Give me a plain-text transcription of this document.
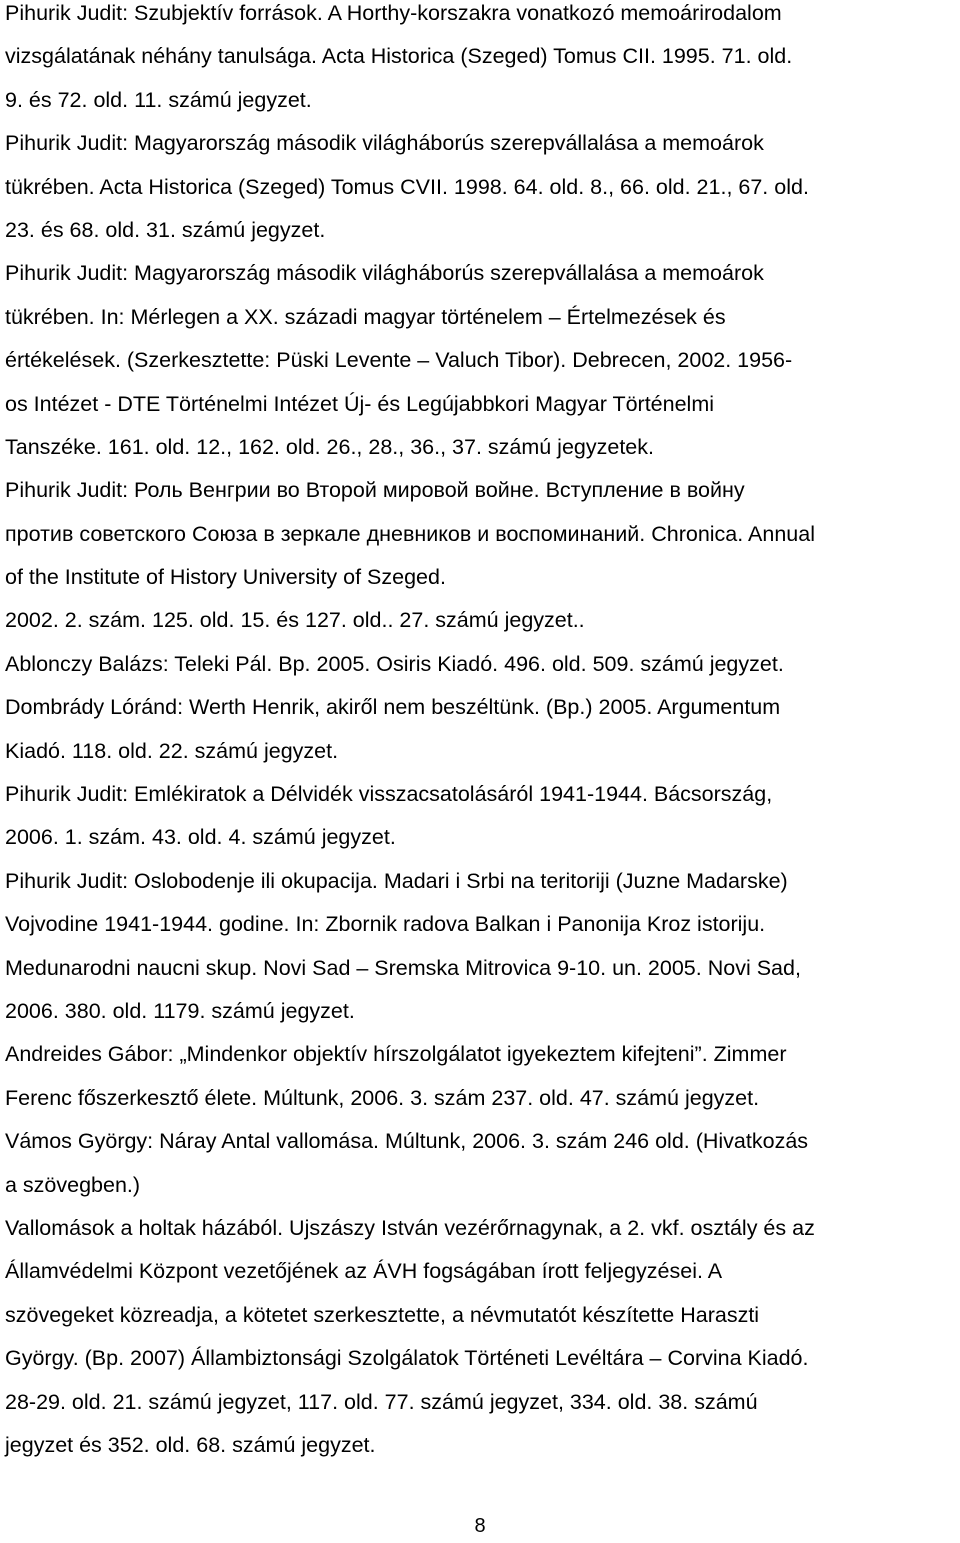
Pihurik Judit: Szubjektív források. A Horthy-korszakra vonatkozó memoárirodalom
vizsgálatának néhány tanulsága. Acta Historica (Szeged) Tomus CII. 1995. 71. old.
9. és 72. old. 11. számú jegyzet.
Pihurik Judit: Magyarország második világháborús szerepvállalása a memoárok
tükrében. Acta Historica (Szeged) Tomus CVII. 1998. 64. old. 8., 66. old. 21., 67. old.
23. és 68. old. 31. számú jegyzet.
Pihurik Judit: Magyarország második világháborús szerepvállalása a memoárok
tükrében. In: Mérlegen a XX. századi magyar történelem – Értelmezések és
értékelések. (Szerkesztette: Püski Levente – Valuch Tibor). Debrecen, 2002. 1956-
os Intézet - DTE Történelmi Intézet Új- és Legújabbkori Magyar Történelmi
Tanszéke. 161. old. 12., 162. old. 26., 28., 36., 37. számú jegyzetek.
Pihurik Judit: Роль Венгрии во Второй мировой войне. Вступление в войну
против советского Союза в зеркале дневников и воспоминаний. Chronica. Annual
of the Institute of History University of Szeged.
2002. 2. szám. 125. old. 15. és 127. old.. 27. számú jegyzet..
Ablonczy Balázs: Teleki Pál. Bp. 2005. Osiris Kiadó. 496. old. 509. számú jegyzet.
Dombrády Lóránd: Werth Henrik, akiről nem beszéltünk. (Bp.) 2005. Argumentum
Kiadó. 118. old. 22. számú jegyzet.
Pihurik Judit: Emlékiratok a Délvidék visszacsatolásáról 1941-1944. Bácsország,
2006. 1. szám. 43. old. 4. számú jegyzet.
Pihurik Judit: Oslobodenje ili okupacija. Madari i Srbi na teritoriji (Juzne Madarske)
Vojvodine 1941-1944. godine. In: Zbornik radova Balkan i Panonija Kroz istoriju.
Medunarodni naucni skup. Novi Sad – Sremska Mitrovica 9-10. un. 2005. Novi Sad,
2006. 380. old. 1179. számú jegyzet.
Andreides Gábor: „Mindenkor objektív hírszolgálatot igyekeztem kifejteni”. Zimmer
Ferenc főszerkesztő élete. Múltunk, 2006. 3. szám 237. old. 47. számú jegyzet.
Vámos György: Náray Antal vallomása. Múltunk, 2006. 3. szám 246 old. (Hivatkozás
a szövegben.)
Vallomások a holtak házából. Ujszászy István vezérőrnagynak, a 2. vkf. osztály és az
Államvédelmi Központ vezetőjének az ÁVH fogságában írott feljegyzései. A
szövegeket közreadja, a kötetet szerkesztette, a névmutatót készítette Haraszti
György. (Bp. 2007) Állambiztonsági Szolgálatok Történeti Levéltára – Corvina Kiadó.
28-29. old. 21. számú jegyzet, 117. old. 77. számú jegyzet, 334. old. 38. számú
jegyzet és 352. old. 68. számú jegyzet.
8
